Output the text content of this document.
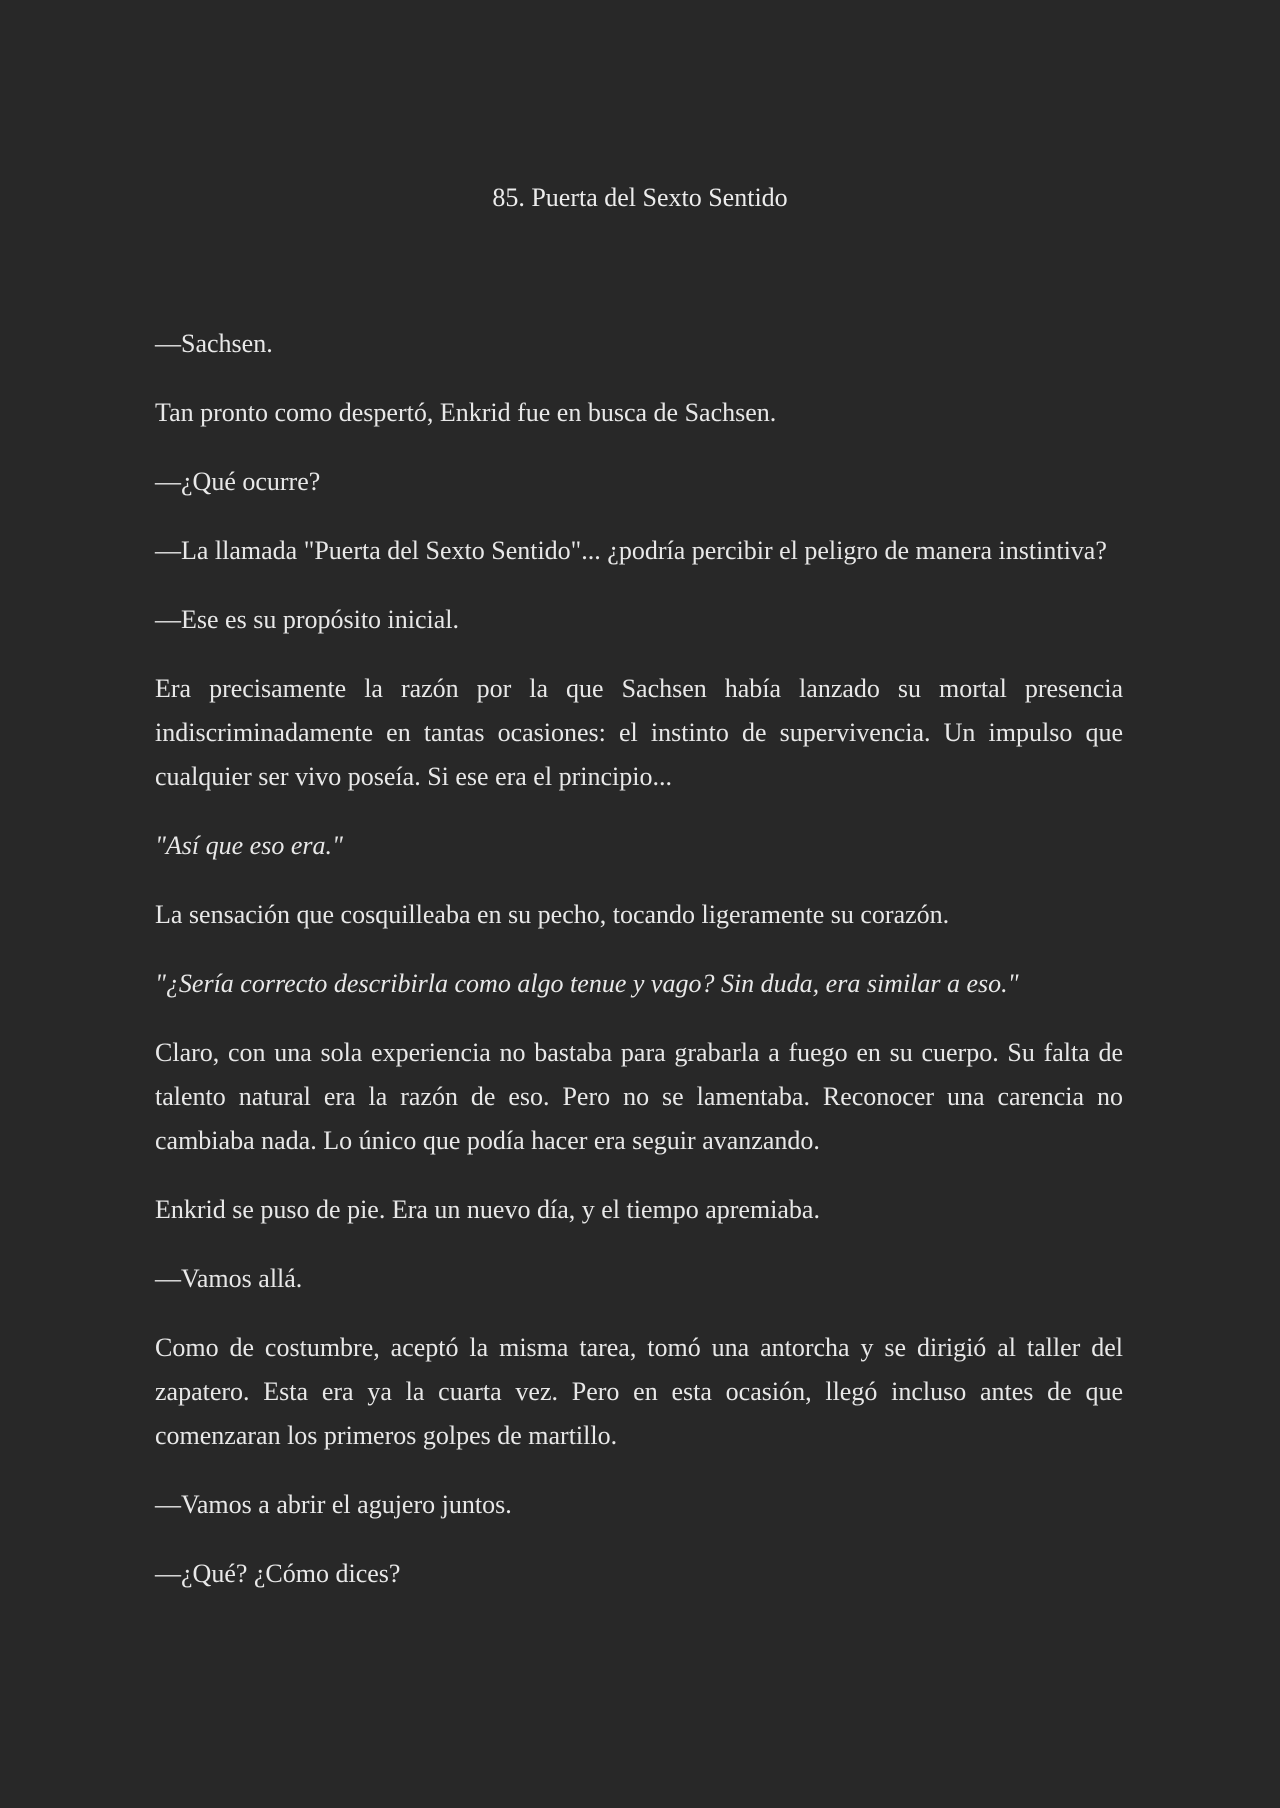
85. Puerta del Sexto Sentido

—Sachsen.

Tan pronto como despertó, Enkrid fue en busca de Sachsen.

—¿Qué ocurre?

—La llamada "Puerta del Sexto Sentido"... ¿podría percibir el peligro de manera instintiva?

—Ese es su propósito inicial.

Era precisamente la razón por la que Sachsen había lanzado su mortal presencia indiscriminadamente en tantas ocasiones: el instinto de supervivencia. Un impulso que cualquier ser vivo poseía. Si ese era el principio...

"Así que eso era."

La sensación que cosquilleaba en su pecho, tocando ligeramente su corazón.

"¿Sería correcto describirla como algo tenue y vago? Sin duda, era similar a eso."

Claro, con una sola experiencia no bastaba para grabarla a fuego en su cuerpo. Su falta de talento natural era la razón de eso. Pero no se lamentaba. Reconocer una carencia no cambiaba nada. Lo único que podía hacer era seguir avanzando.

Enkrid se puso de pie. Era un nuevo día, y el tiempo apremiaba.

—Vamos allá.

Como de costumbre, aceptó la misma tarea, tomó una antorcha y se dirigió al taller del zapatero. Esta era ya la cuarta vez. Pero en esta ocasión, llegó incluso antes de que comenzaran los primeros golpes de martillo.

—Vamos a abrir el agujero juntos.

—¿Qué? ¿Cómo dices?
